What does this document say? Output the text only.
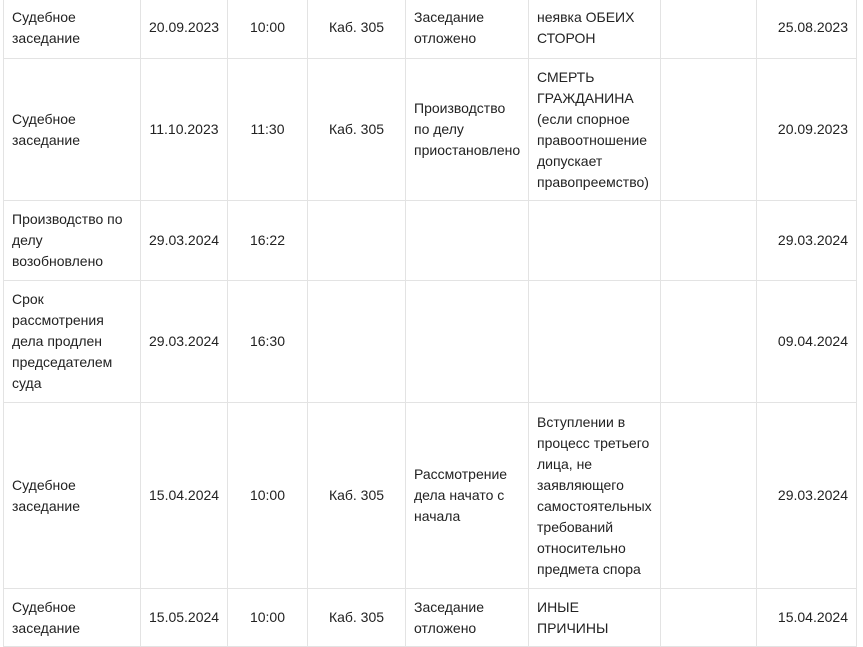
Судебное заседание	20.09.2023	10:00	Каб. 305	Заседание отложено	неявка ОБЕИХ СТОРОН		25.08.2023
Судебное заседание	11.10.2023	11:30	Каб. 305	Производство по делу приостановлено	СМЕРТЬ ГРАЖДАНИНА (если спорное правоотношение допускает правопреемство)		20.09.2023
Производство по делу возобновлено	29.03.2024	16:22					29.03.2024
Срок рассмотрения дела продлен председателем суда	29.03.2024	16:30					09.04.2024
Судебное заседание	15.04.2024	10:00	Каб. 305	Рассмотрение дела начато с начала	Вступлении в процесс третьего лица, не заявляющего самостоятельных требований относительно предмета спора		29.03.2024
Судебное заседание	15.05.2024	10:00	Каб. 305	Заседание отложено	ИНЫЕ ПРИЧИНЫ		15.04.2024
